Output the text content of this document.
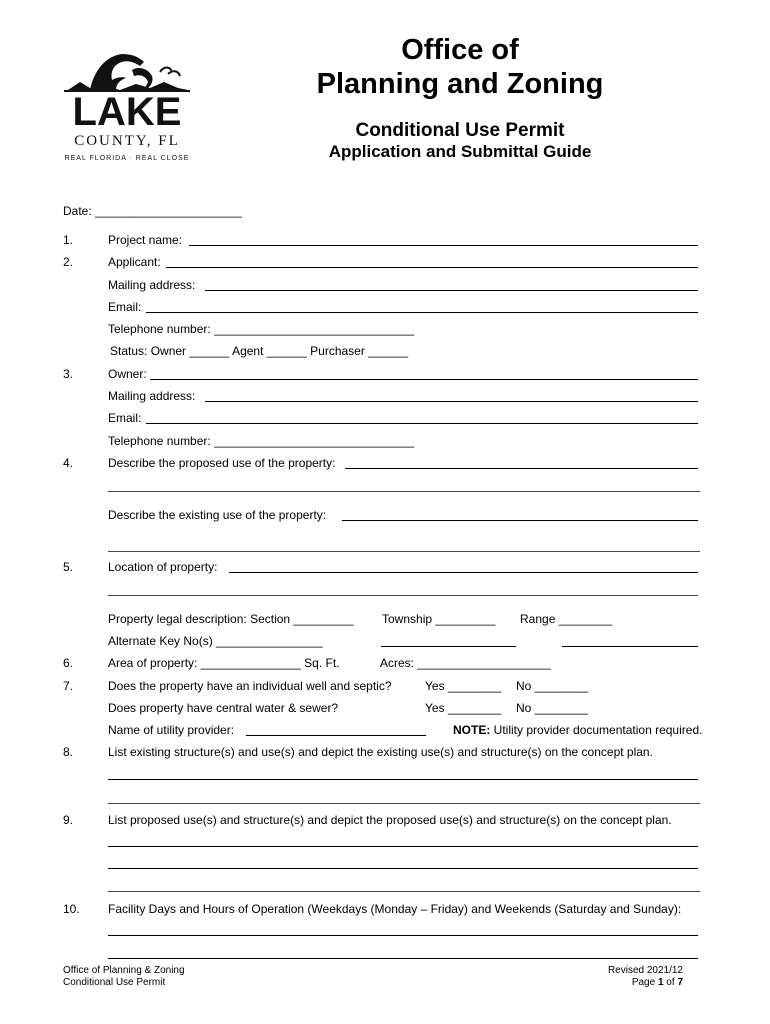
LAKE
COUNTY, FL
REAL FLORIDA · REAL CLOSE
Office of
Planning and Zoning
Conditional Use Permit
Application and Submittal Guide
Date: ______________________
1.	Project name:
2.	Applicant:
Mailing address:
Email:
Telephone number: ______________________________
Status: Owner ______ Agent ______ Purchaser ______
3.	Owner:
Mailing address:
Email:
Telephone number: ______________________________
4.	Describe the proposed use of the property:
Describe the existing use of the property:
5.	Location of property:
Property legal description: Section _________ Township _________ Range ________
Alternate Key No(s) ________________
6.	Area of property: _______________ Sq. Ft.	Acres: ____________________
7.	Does the property have an individual well and septic?	Yes ________ No ________
Does property have central water & sewer?	Yes ________ No ________
Name of utility provider:	NOTE: Utility provider documentation required.
8.	List existing structure(s) and use(s) and depict the existing use(s) and structure(s) on the concept plan.
9.	List proposed use(s) and structure(s) and depict the proposed use(s) and structure(s) on the concept plan.
10. Facility Days and Hours of Operation (Weekdays (Monday – Friday) and Weekends (Saturday and Sunday):
Office of Planning & Zoning
Conditional Use Permit
Revised 2021/12
Page 1 of 7
